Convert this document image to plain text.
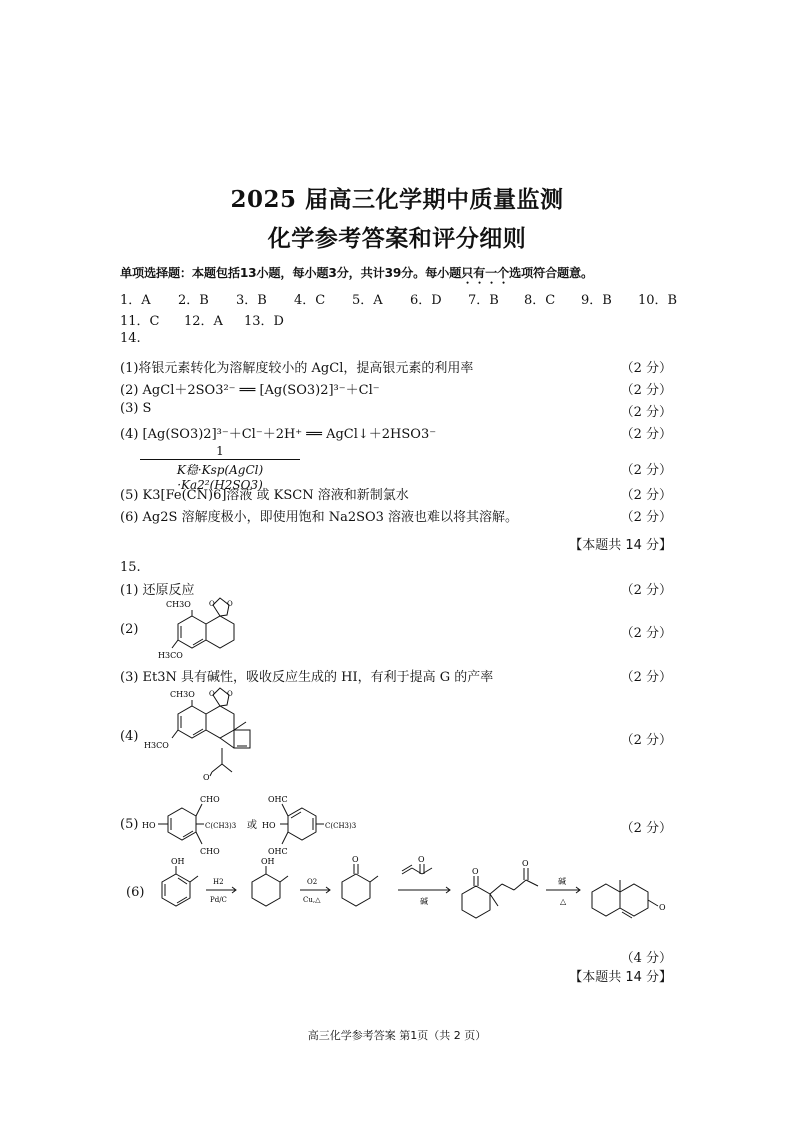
2025 届高三化学期中质量监测
化学参考答案和评分细则
单项选择题：本题包括13小题，每小题3分，共计39分。每小题只有一个选项符合题意。
1．A 2．B 3．B 4．C 5．A 6．D 7．B 8．C 9．B 10．B
11．C 12．A 13．D
14.
(1)将银元素转化为溶解度较小的 AgCl，提高银元素的利用率	（2 分）
(2) AgCl＋2SO3²⁻ ══ [Ag(SO3)2]³⁻＋Cl⁻	（2 分）
(3) S	（2 分）
(4) [Ag(SO3)2]³⁻＋Cl⁻＋2H⁺ ══ AgCl↓＋2HSO3⁻	（2 分）
1
K稳·Ksp(AgCl) ·Ka2²(H2SO3)
（2 分）
(5) K3[Fe(CN)6]溶液 或 KSCN 溶液和新制氯水	（2 分）
(6) Ag2S 溶解度极小，即使用饱和 Na2SO3 溶液也难以将其溶解。	（2 分）
【本题共 14 分】
15.
(1) 还原反应	（2 分）
(2)	（2 分）
CH3O
H3CO
O O
(3) Et3N 具有碱性，吸收反应生成的 HI，有利于提高 G 的产率	（2 分）
(4)	（2 分）
CH3O
H3CO
O O
O
(5)	（2 分）
HO
CHO
CHO
C(CH3)3 或 HO
OHC
OHC
C(CH3)3
(6)
OH
H2
Pd/C
OH
O2
Cu,△
O	O
碱
O
O
碱
△
O
（4 分）
【本题共 14 分】
高三化学参考答案 第1页（共 2 页）
